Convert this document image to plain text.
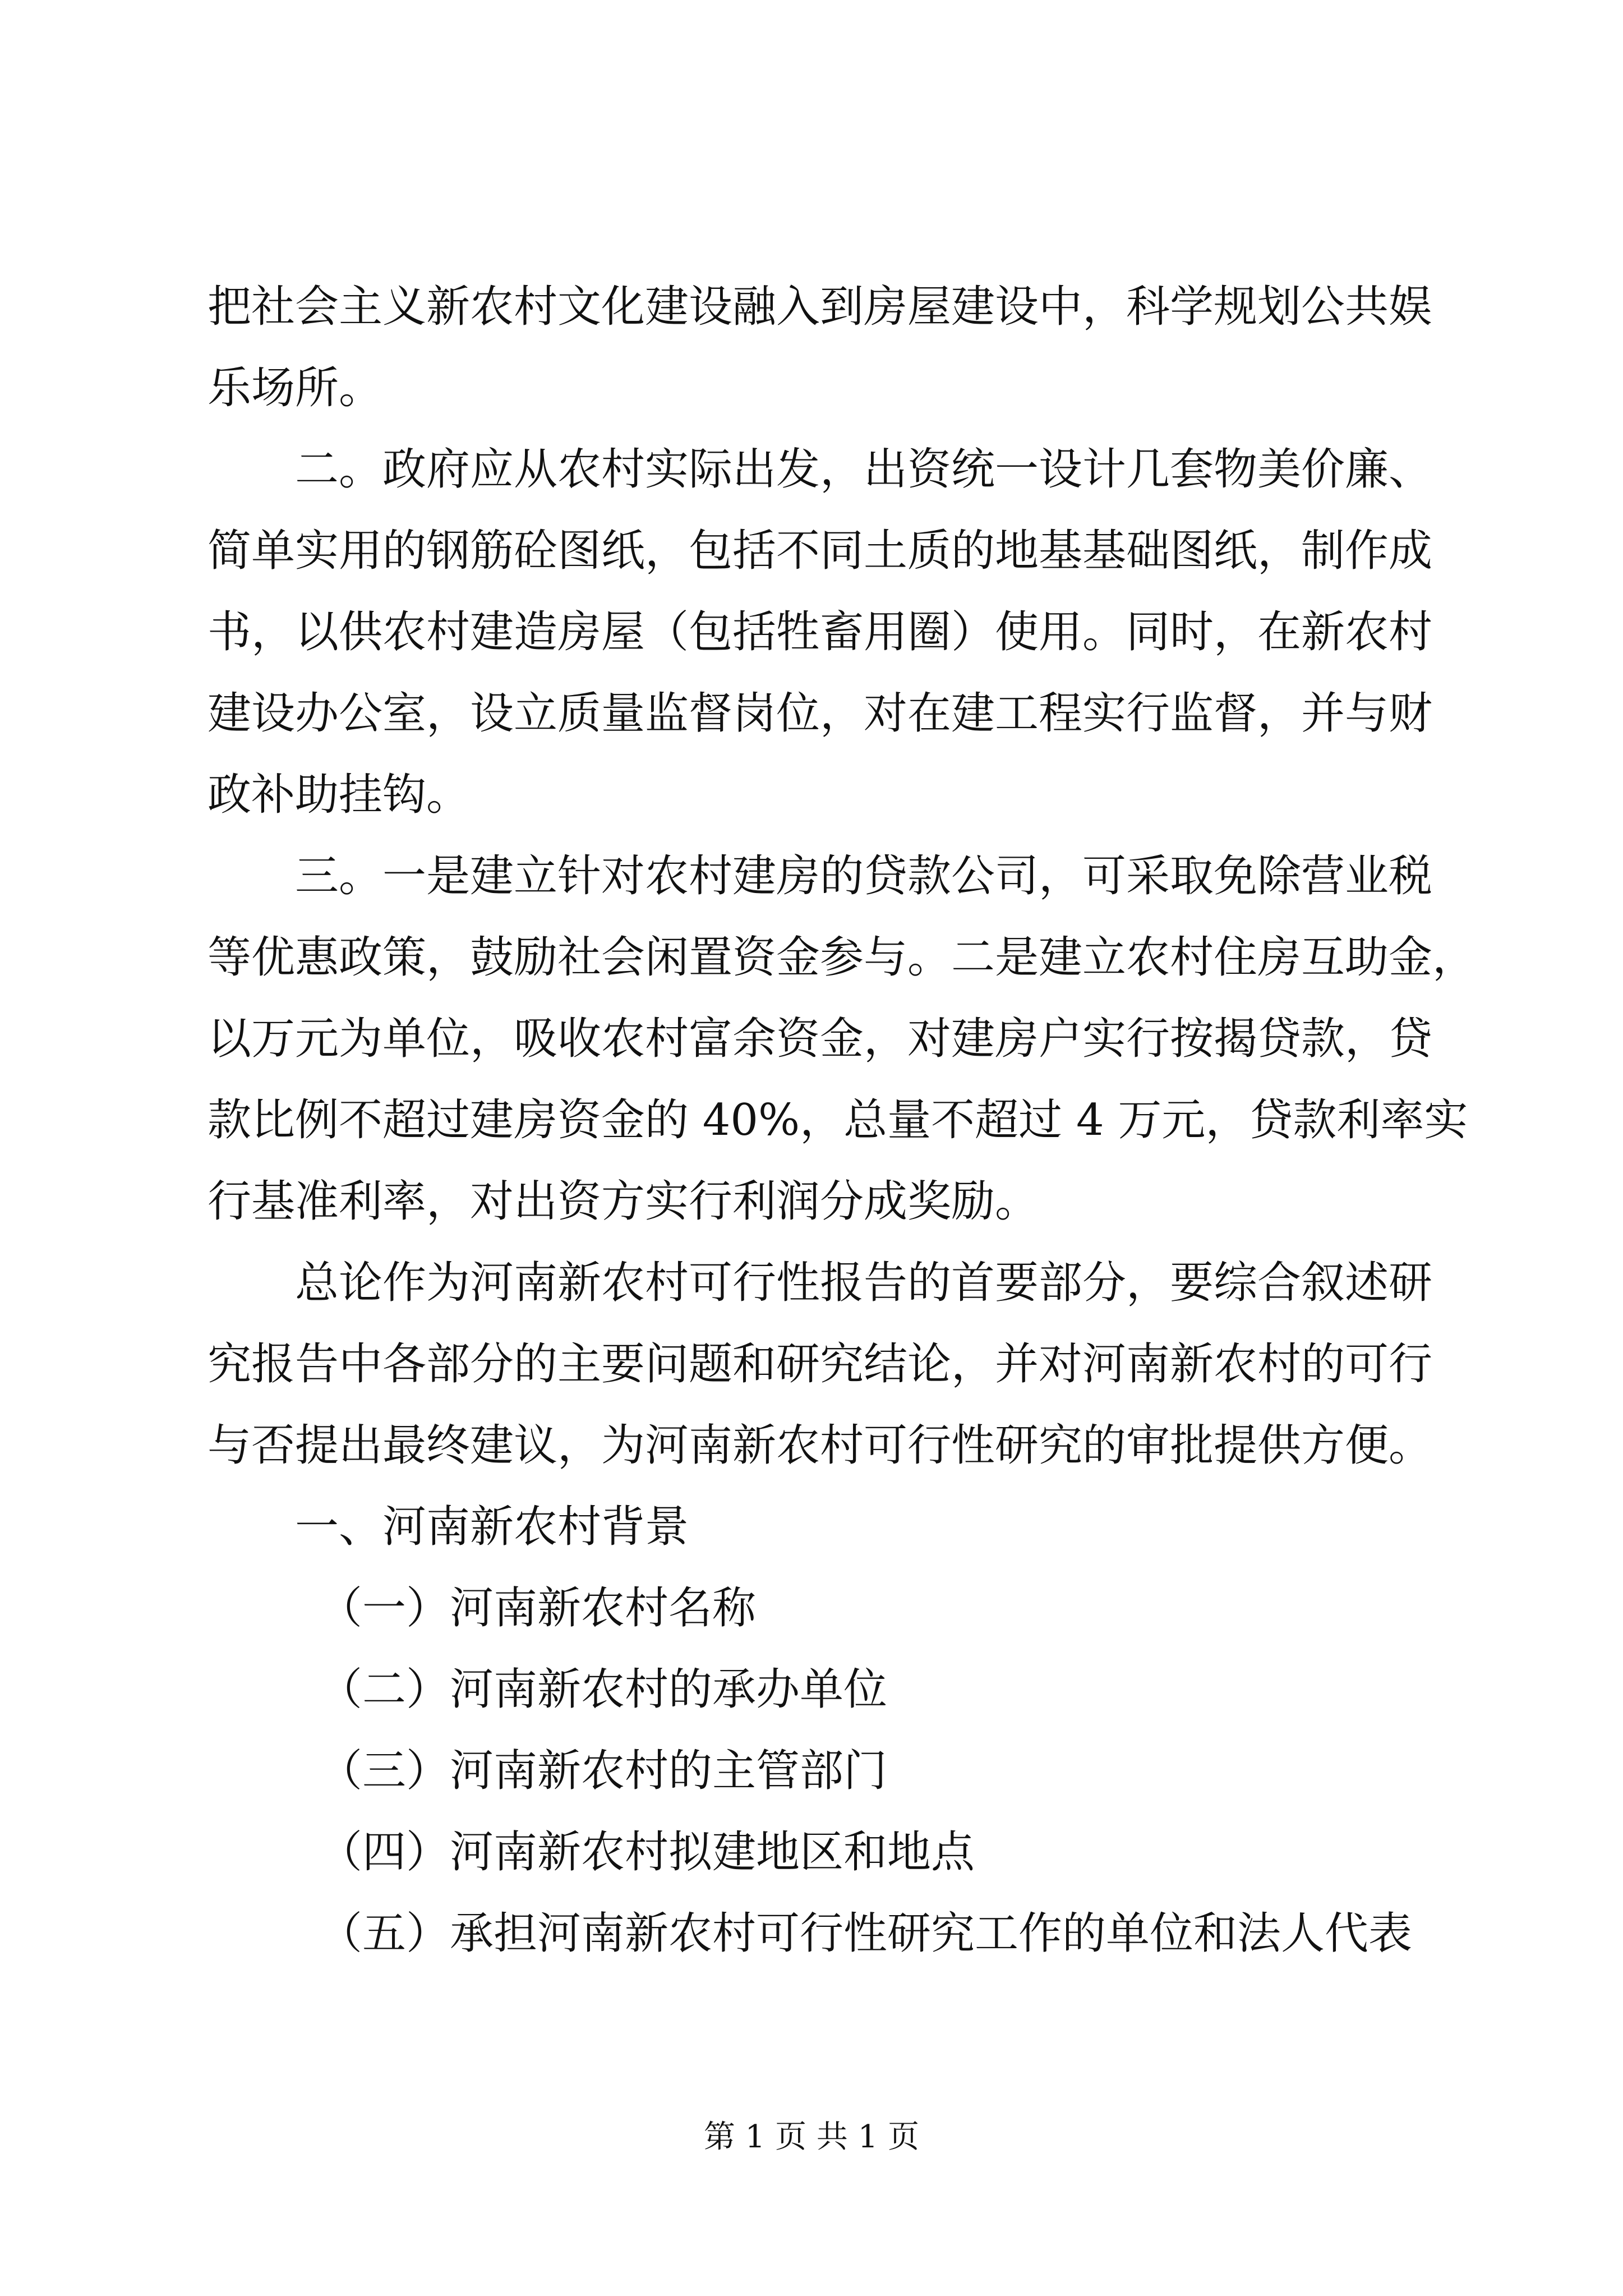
把社会主义新农村文化建设融入到房屋建设中，科学规划公共娱
乐场所。
二。政府应从农村实际出发，出资统一设计几套物美价廉、
简单实用的钢筋砼图纸，包括不同土质的地基基础图纸，制作成
书，以供农村建造房屋（包括牲畜用圈）使用。同时，在新农村
建设办公室，设立质量监督岗位，对在建工程实行监督，并与财
政补助挂钩。
三。一是建立针对农村建房的贷款公司，可采取免除营业税
等优惠政策，鼓励社会闲置资金参与。二是建立农村住房互助金，
以万元为单位，吸收农村富余资金，对建房户实行按揭贷款，贷
款比例不超过建房资金的 40%，总量不超过 4 万元，贷款利率实
行基准利率，对出资方实行利润分成奖励。
总论作为河南新农村可行性报告的首要部分，要综合叙述研
究报告中各部分的主要问题和研究结论，并对河南新农村的可行
与否提出最终建议，为河南新农村可行性研究的审批提供方便。
一、河南新农村背景
（一）河南新农村名称
（二）河南新农村的承办单位
（三）河南新农村的主管部门
（四）河南新农村拟建地区和地点
（五）承担河南新农村可行性研究工作的单位和法人代表
第 1 页 共 1 页
